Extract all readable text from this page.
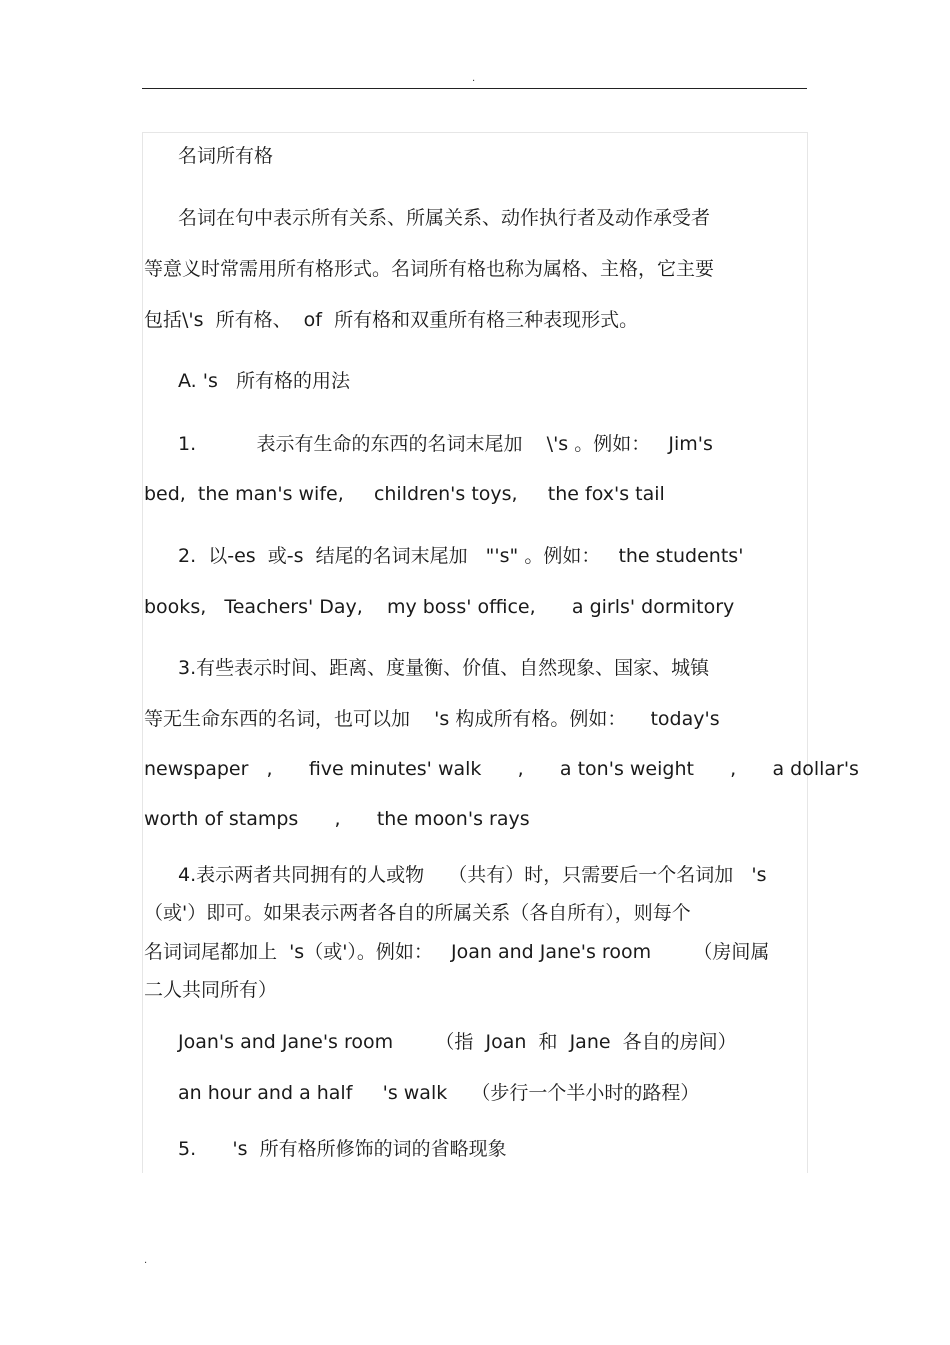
.

名词所有格

名词在句中表示所有关系、所属关系、动作执行者及动作承受者

等意义时常需用所有格形式。名词所有格也称为属格、主格，它主要

包括\'s  所有格、  of  所有格和双重所有格三种表现形式。

A. 's   所有格的用法

1.          表示有生命的东西的名词末尾加    \'s 。例如：   Jim's

bed,  the man's wife,     children's toys,     the fox's tail

2.  以-es  或-s  结尾的名词末尾加   "'s" 。例如：   the students'

books,   Teachers' Day,    my boss' office,      a girls' dormitory

3.有些表示时间、距离、度量衡、价值、自然现象、国家、城镇

等无生命东西的名词，也可以加    's 构成所有格。例如：    today's

newspaper   ,      five minutes' walk      ,      a ton's weight      ,      a dollar's

worth of stamps      ,      the moon's rays

4.表示两者共同拥有的人或物    （共有）时，只需要后一个名词加   's

（或'）即可。如果表示两者各自的所属关系（各自所有），则每个

名词词尾都加上  's（或'）。例如：   Joan and Jane's room       （房间属

二人共同所有）

Joan's and Jane's room       （指  Joan  和  Jane  各自的房间）

an hour and a half     's walk    （步行一个半小时的路程）

5.      's  所有格所修饰的词的省略现象

.
